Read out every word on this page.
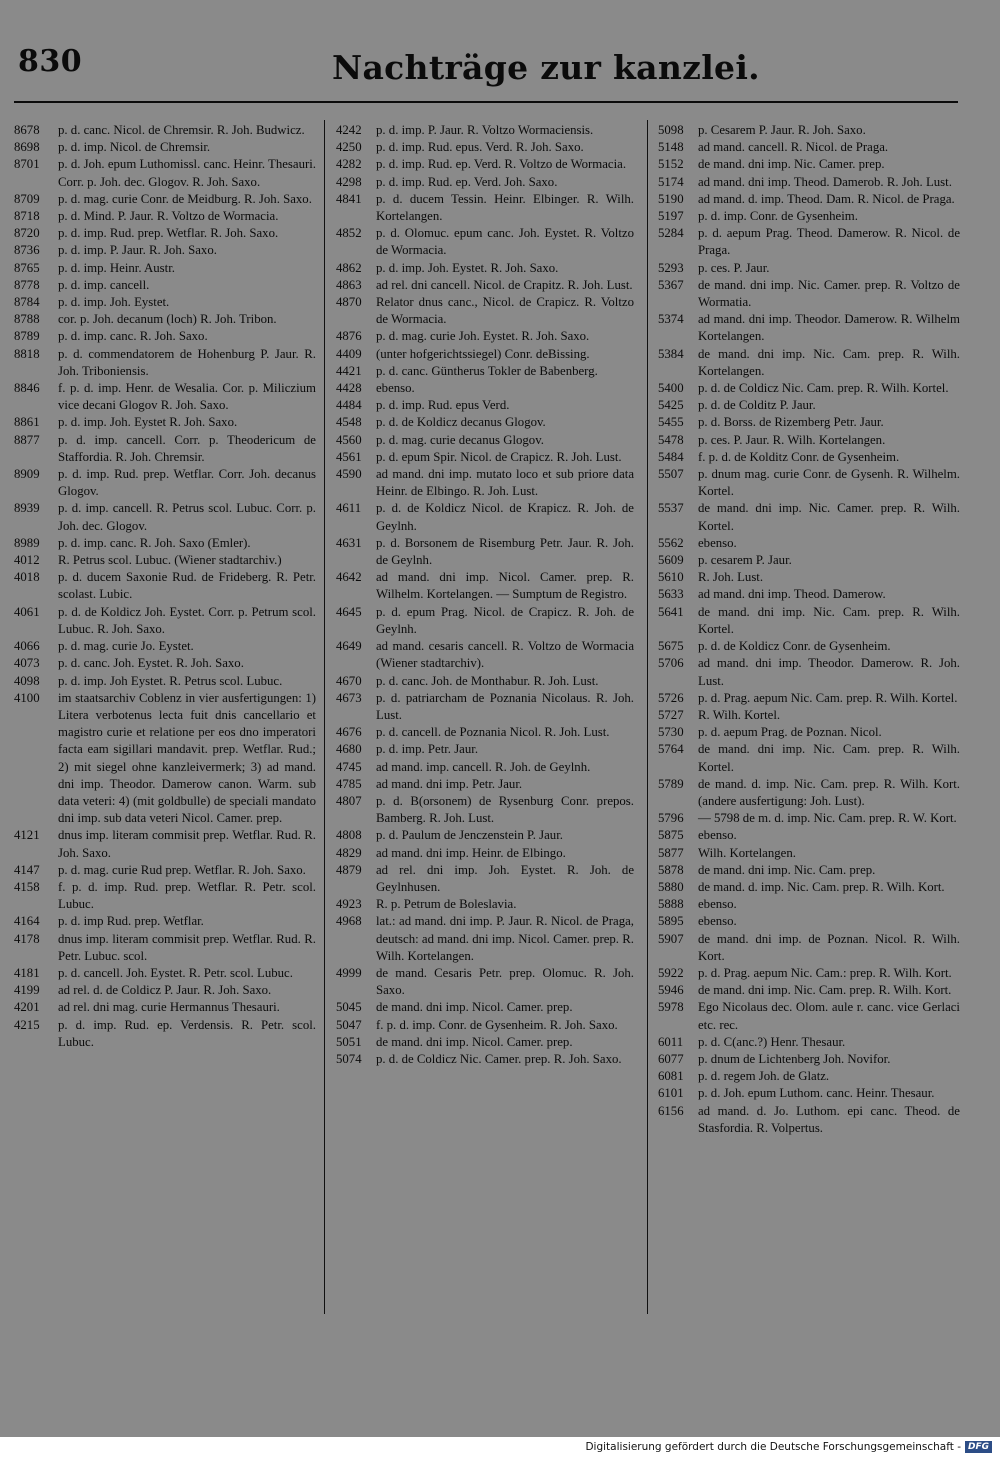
830	Nachträge zur kanzlei.
8678	p. d. canc. Nicol. de Chremsir. R. Joh. Budwicz.
8698	p. d. imp. Nicol. de Chremsir.
8701	p. d. Joh. epum Luthomissl. canc. Heinr. Thesauri. Corr. p. Joh. dec. Glogov. R. Joh. Saxo.
8709	p. d. mag. curie Conr. de Meidburg. R. Joh. Saxo.
8718	p. d. Mind. P. Jaur. R. Voltzo de Wormacia.
8720	p. d. imp. Rud. prep. Wetflar. R. Joh. Saxo.
8736	p. d. imp. P. Jaur. R. Joh. Saxo.
8765	p. d. imp. Heinr. Austr.
8778	p. d. imp. cancell.
8784	p. d. imp. Joh. Eystet.
8788	cor. p. Joh. decanum (loch) R. Joh. Tribon.
8789	p. d. imp. canc. R. Joh. Saxo.
8818	p. d. commendatorem de Hohenburg P. Jaur. R. Joh. Triboniensis.
8846	f. p. d. imp. Henr. de Wesalia. Cor. p. Miliczium vice decani Glogov R. Joh. Saxo.
8861	p. d. imp. Joh. Eystet R. Joh. Saxo.
8877	p. d. imp. cancell. Corr. p. Theodericum de Staffordia. R. Joh. Chremsir.
8909	p. d. imp. Rud. prep. Wetflar. Corr. Joh. decanus Glogov.
8939	p. d. imp. cancell. R. Petrus scol. Lubuc. Corr. p. Joh. dec. Glogov.
8989	p. d. imp. canc. R. Joh. Saxo (Emler).
4012	R. Petrus scol. Lubuc. (Wiener stadtarchiv.)
4018	p. d. ducem Saxonie Rud. de Frideberg. R. Petr. scolast. Lubic.
4061	p. d. de Koldicz Joh. Eystet. Corr. p. Petrum scol. Lubuc. R. Joh. Saxo.
4066	p. d. mag. curie Jo. Eystet.
4073	p. d. canc. Joh. Eystet. R. Joh. Saxo.
4098	p. d. imp. Joh Eystet. R. Petrus scol. Lubuc.
4100	im staatsarchiv Coblenz in vier ausfertigungen: 1) Litera verbotenus lecta fuit dnis cancellario et magistro curie et relatione per eos dno imperatori facta eam sigillari mandavit. prep. Wetflar. Rud.; 2) mit siegel ohne kanzleivermerk; 3) ad mand. dni imp. Theodor. Damerow canon. Warm. sub data veteri: 4) (mit goldbulle) de speciali mandato dni imp. sub data veteri Nicol. Camer. prep.
4121	dnus imp. literam commisit prep. Wetflar. Rud. R. Joh. Saxo.
4147	p. d. mag. curie Rud prep. Wetflar. R. Joh. Saxo.
4158	f. p. d. imp. Rud. prep. Wetflar. R. Petr. scol. Lubuc.
4164	p. d. imp Rud. prep. Wetflar.
4178	dnus imp. literam commisit prep. Wetflar. Rud. R. Petr. Lubuc. scol.
4181	p. d. cancell. Joh. Eystet. R. Petr. scol. Lubuc.
4199	ad rel. d. de Coldicz P. Jaur. R. Joh. Saxo.
4201	ad rel. dni mag. curie Hermannus Thesauri.
4215	p. d. imp. Rud. ep. Verdensis. R. Petr. scol. Lubuc.
4242	p. d. imp. P. Jaur. R. Voltzo Wormaciensis.
4250	p. d. imp. Rud. epus. Verd. R. Joh. Saxo.
4282	p. d. imp. Rud. ep. Verd. R. Voltzo de Wormacia.
4298	p. d. imp. Rud. ep. Verd. Joh. Saxo.
4841	p. d. ducem Tessin. Heinr. Elbinger. R. Wilh. Kortelangen.
4852	p. d. Olomuc. epum canc. Joh. Eystet. R. Voltzo de Wormacia.
4862	p. d. imp. Joh. Eystet. R. Joh. Saxo.
4863	ad rel. dni cancell. Nicol. de Crapitz. R. Joh. Lust.
4870	Relator dnus canc., Nicol. de Crapicz. R. Voltzo de Wormacia.
4876	p. d. mag. curie Joh. Eystet. R. Joh. Saxo.
4409	(unter hofgerichtssiegel) Conr. deBissing.
4421	p. d. canc. Güntherus Tokler de Babenberg.
4428	ebenso.
4484	p. d. imp. Rud. epus Verd.
4548	p. d. de Koldicz decanus Glogov.
4560	p. d. mag. curie decanus Glogov.
4561	p. d. epum Spir. Nicol. de Crapicz. R. Joh. Lust.
4590	ad mand. dni imp. mutato loco et sub priore data Heinr. de Elbingo. R. Joh. Lust.
4611	p. d. de Koldicz Nicol. de Krapicz. R. Joh. de Geylnh.
4631	p. d. Borsonem de Risemburg Petr. Jaur. R. Joh. de Geylnh.
4642	ad mand. dni imp. Nicol. Camer. prep. R. Wilhelm. Kortelangen. — Sumptum de Registro.
4645	p. d. epum Prag. Nicol. de Crapicz. R. Joh. de Geylnh.
4649	ad mand. cesaris cancell. R. Voltzo de Wormacia (Wiener stadtarchiv).
4670	p. d. canc. Joh. de Monthabur. R. Joh. Lust.
4673	p. d. patriarcham de Poznania Nicolaus. R. Joh. Lust.
4676	p. d. cancell. de Poznania Nicol. R. Joh. Lust.
4680	p. d. imp. Petr. Jaur.
4745	ad mand. imp. cancell. R. Joh. de Geylnh.
4785	ad mand. dni imp. Petr. Jaur.
4807	p. d. B(orsonem) de Rysenburg Conr. prepos. Bamberg. R. Joh. Lust.
4808	p. d. Paulum de Jenczenstein P. Jaur.
4829	ad mand. dni imp. Heinr. de Elbingo.
4879	ad rel. dni imp. Joh. Eystet. R. Joh. de Geylnhusen.
4923	R. p. Petrum de Boleslavia.
4968	lat.: ad mand. dni imp. P. Jaur. R. Nicol. de Praga, deutsch: ad mand. dni imp. Nicol. Camer. prep. R. Wilh. Kortelangen.
4999	de mand. Cesaris Petr. prep. Olomuc. R. Joh. Saxo.
5045	de mand. dni imp. Nicol. Camer. prep.
5047	f. p. d. imp. Conr. de Gysenheim. R. Joh. Saxo.
5051	de mand. dni imp. Nicol. Camer. prep.
5074	p. d. de Coldicz Nic. Camer. prep. R. Joh. Saxo.
5098	p. Cesarem P. Jaur. R. Joh. Saxo.
5148	ad mand. cancell. R. Nicol. de Praga.
5152	de mand. dni imp. Nic. Camer. prep.
5174	ad mand. dni imp. Theod. Damerob. R. Joh. Lust.
5190	ad mand. d. imp. Theod. Dam. R. Nicol. de Praga.
5197	p. d. imp. Conr. de Gysenheim.
5284	p. d. aepum Prag. Theod. Damerow. R. Nicol. de Praga.
5293	p. ces. P. Jaur.
5367	de mand. dni imp. Nic. Camer. prep. R. Voltzo de Wormatia.
5374	ad mand. dni imp. Theodor. Damerow. R. Wilhelm Kortelangen.
5384	de mand. dni imp. Nic. Cam. prep. R. Wilh. Kortelangen.
5400	p. d. de Coldicz Nic. Cam. prep. R. Wilh. Kortel.
5425	p. d. de Colditz P. Jaur.
5455	p. d. Borss. de Rizemberg Petr. Jaur.
5478	p. ces. P. Jaur. R. Wilh. Kortelangen.
5484	f. p. d. de Kolditz Conr. de Gysenheim.
5507	p. dnum mag. curie Conr. de Gysenh. R. Wilhelm. Kortel.
5537	de mand. dni imp. Nic. Camer. prep. R. Wilh. Kortel.
5562	ebenso.
5609	p. cesarem P. Jaur.
5610	R. Joh. Lust.
5633	ad mand. dni imp. Theod. Damerow.
5641	de mand. dni imp. Nic. Cam. prep. R. Wilh. Kortel.
5675	p. d. de Koldicz Conr. de Gysenheim.
5706	ad mand. dni imp. Theodor. Damerow. R. Joh. Lust.
5726	p. d. Prag. aepum Nic. Cam. prep. R. Wilh. Kortel.
5727	R. Wilh. Kortel.
5730	p. d. aepum Prag. de Poznan. Nicol.
5764	de mand. dni imp. Nic. Cam. prep. R. Wilh. Kortel.
5789	de mand. d. imp. Nic. Cam. prep. R. Wilh. Kort. (andere ausfertigung: Joh. Lust).
5796	— 5798 de m. d. imp. Nic. Cam. prep. R. W. Kort.
5875	ebenso.
5877	Wilh. Kortelangen.
5878	de mand. dni imp. Nic. Cam. prep.
5880	de mand. d. imp. Nic. Cam. prep. R. Wilh. Kort.
5888	ebenso.
5895	ebenso.
5907	de mand. dni imp. de Poznan. Nicol. R. Wilh. Kort.
5922	p. d. Prag. aepum Nic. Cam.: prep. R. Wilh. Kort.
5946	de mand. dni imp. Nic. Cam. prep. R. Wilh. Kort.
5978	Ego Nicolaus dec. Olom. aule r. canc. vice Gerlaci etc. rec.
6011	p. d. C(anc.?) Henr. Thesaur.
6077	p. dnum de Lichtenberg Joh. Novifor.
6081	p. d. regem Joh. de Glatz.
6101	p. d. Joh. epum Luthom. canc. Heinr. Thesaur.
6156	ad mand. d. Jo. Luthom. epi canc. Theod. de Stasfordia. R. Volpertus.
Digitalisierung gefördert durch die Deutsche Forschungsgemeinschaft - DFG
